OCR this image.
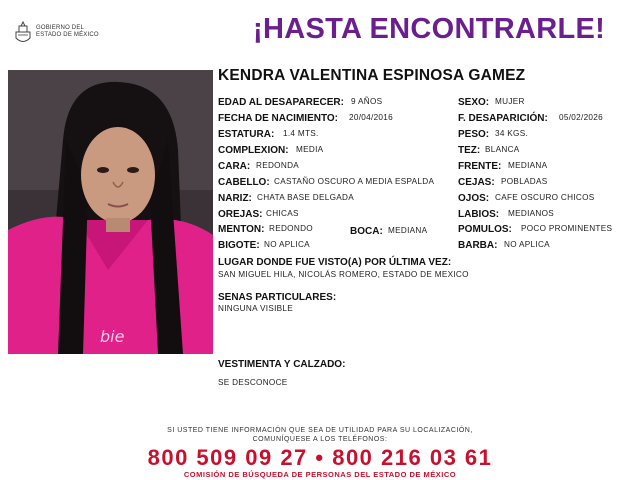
GOBIERNO DEL
ESTADO DE MÉXICO	¡HASTA ENCONTRARLE!
bie
KENDRA VALENTINA ESPINOSA GAMEZ
EDAD AL DESAPARECER: 9 AÑOS	SEXO: MUJER
FECHA DE NACIMIENTO: 20/04/2016	F. DESAPARICIÓN: 05/02/2026
ESTATURA: 1.4 MTS.	PESO: 34 KGS.
COMPLEXION: MEDIA	TEZ: BLANCA
CARA: REDONDA	FRENTE: MEDIANA
CABELLO: CASTAÑO OSCURO A MEDIA ESPALDA CEJAS: POBLADAS
NARIZ: CHATA BASE DELGADA	OJOS: CAFE OSCURO CHICOS
OREJAS: CHICAS	LABIOS: MEDIANOS
MENTON: REDONDO	BOCA: MEDIANA	POMULOS: POCO PROMINENTES
BIGOTE: NO APLICA	BARBA: NO APLICA
LUGAR DONDE FUE VISTO(A) POR ÚLTIMA VEZ:
SAN MIGUEL HILA, NICOLÁS ROMERO, ESTADO DE MEXICO
SENAS PARTICULARES:
NINGUNA VISIBLE
VESTIMENTA Y CALZADO:
SE DESCONOCE
SI USTED TIENE INFORMACIÓN QUE SEA DE UTILIDAD PARA SU LOCALIZACIÓN,
COMUNÍQUESE A LOS TELÉFONOS:
800 509 09 27 • 800 216 03 61
COMISIÓN DE BÚSQUEDA DE PERSONAS DEL ESTADO DE MÉXICO
